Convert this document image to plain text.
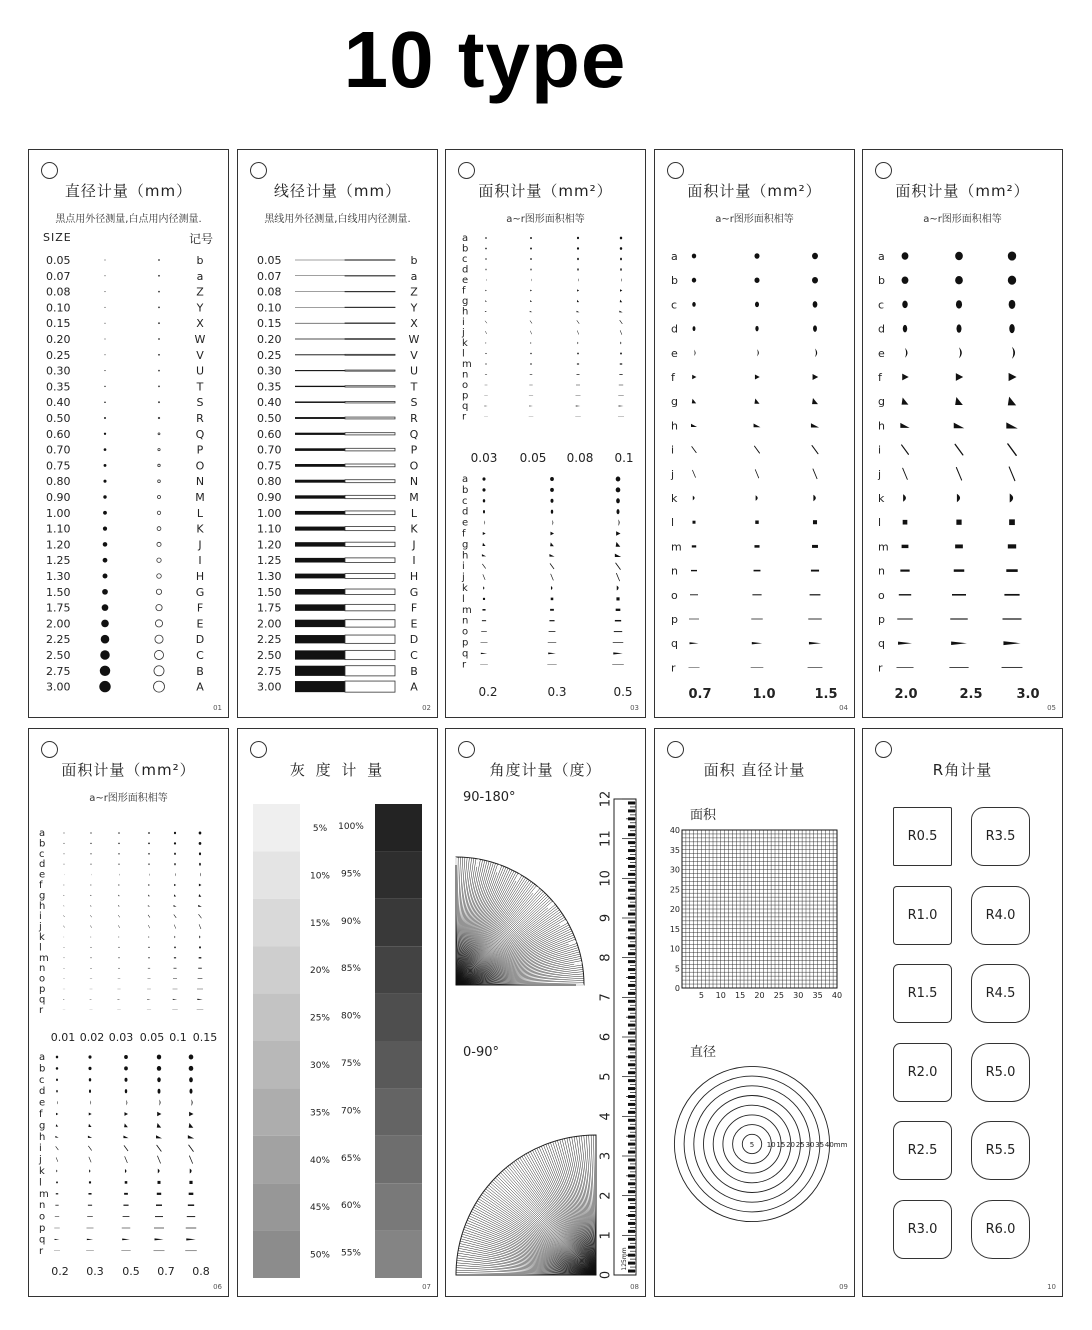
10 type
直径计量（mm）
黑点用外径测量,白点用内径测量.
SIZE	记号
0.05	b
0.07	a
0.08	Z
0.10	Y
0.15	X
0.20	W
0.25	V
0.30	U
0.35	T
0.40	S
0.50	R
0.60	Q
0.70	P
0.75	O
0.80	N
0.90	M
1.00	L
1.10	K
1.20	J
1.25	I
1.30	H
1.50	G
1.75	F
2.00	E
2.25	D
2.50	C
2.75	B
3.00	A
01
线径计量（mm）
黑线用外径测量,白线用内径测量.
0.05	b
0.07	a
0.08	Z
0.10	Y
0.15	X
0.20	W
0.25	V
0.30	U
0.35	T
0.40	S
0.50	R
0.60	Q
0.70	P
0.75	O
0.80	N
0.90	M
1.00	L
1.10	K
1.20	J
1.25	I
1.30	H
1.50	G
1.75	F
2.00	E
2.25	D
2.50	C
2.75	B
3.00	A
02
面积计量（mm²）
a~r图形面积相等
a
b
c
d
e
f
g
h
i
j
k
l
m
n
o
p
q
r
0.03 0.05 0.08 0.1
a
b
c
d
e
f
g
h
i
j
k
l
m
n
o
p
q
r
0.2	0.3	0.5
03
面积计量（mm²）
a~r图形面积相等
a
b
c
d
e
f
g
h
i
j
k
l
m
n
o
p
q
r
0.7	1.0	1.5
04
面积计量（mm²）
a~r图形面积相等
a
b
c
d
e
f
g
h
i
j
k
l
m
n
o
p
q
r
2.0	2.5	3.0
05
面积计量（mm²）
a~r图形面积相等
a
b
c
d
e
f
g
h
i
j
k
l
m
n
o
p
q
r
0.01 0.02 0.03 0.05 0.1 0.15
a
b
c
d
e
f
g
h
i
j
k
l
m
n
o
p
q
r
0.2 0.3 0.5 0.7 0.8
06
灰 度 计 量
5% 100%
10% 95%
15% 90%
20% 85%
25% 80%
30% 75%
35% 70%
40% 65%
45% 60%
50% 55%
07
角度计量（度）
90-180°
0-90°
0
1
2
3
4
5
6
7
8
9
10
11
12
125mm
08
面积 直径计量
面积
直径
40
35
30
25
20
15
10
5
0
5 10 15 20 25 30 35 40
5 10 15 20 25 30 35 40mm
09
R角计量
R0.5	R3.5
R1.0	R4.0
R1.5	R4.5
R2.0	R5.0
R2.5	R5.5
R3.0	R6.0
10
